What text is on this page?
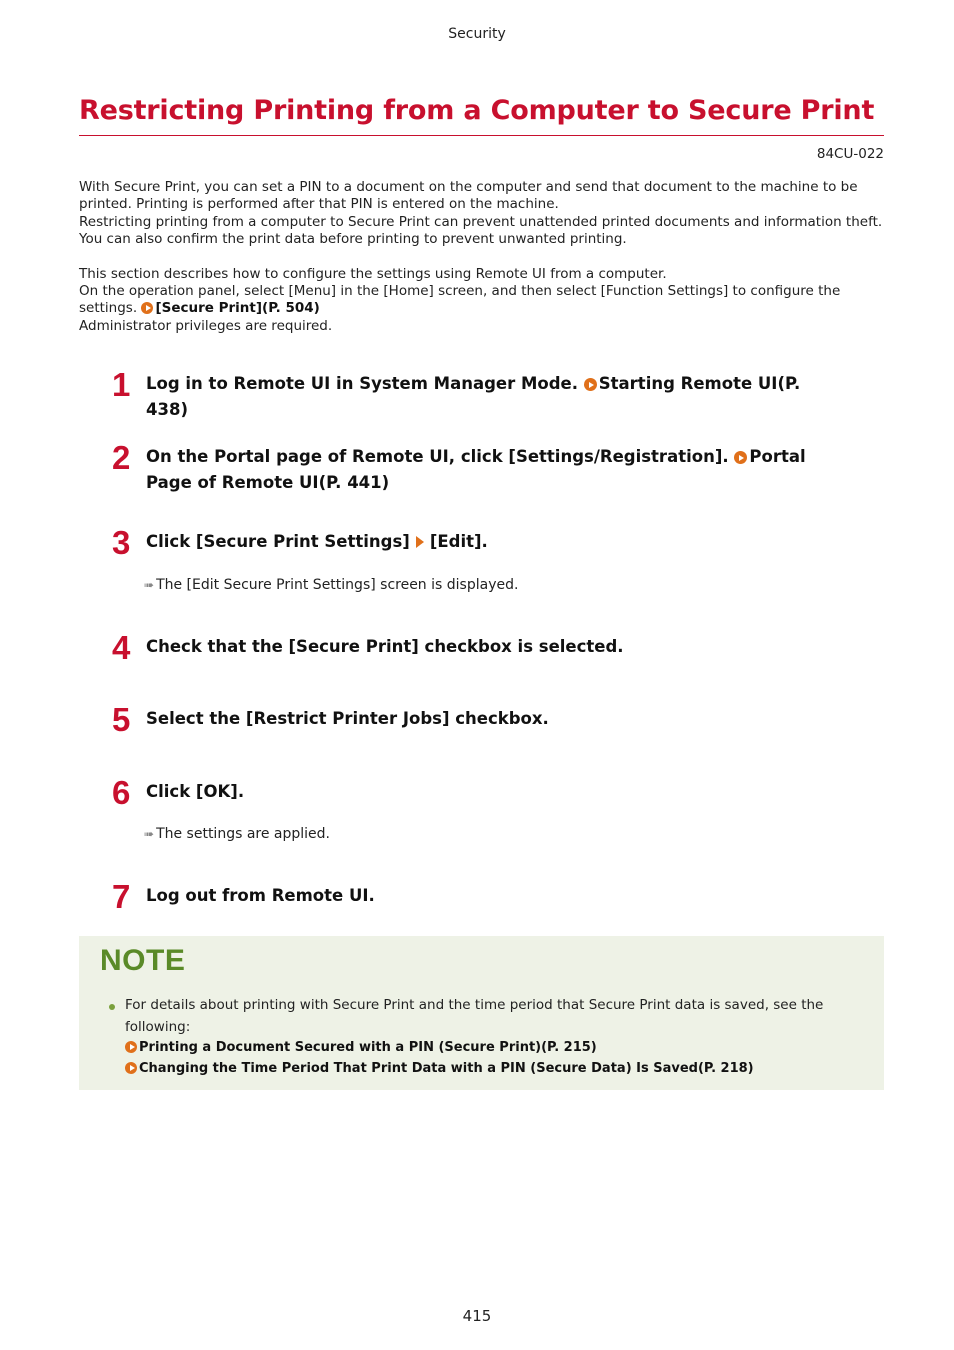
Security
Restricting Printing from a Computer to Secure Print
84CU-022

With Secure Print, you can set a PIN to a document on the computer and send that document to the machine to be printed. Printing is performed after that PIN is entered on the machine.

Restricting printing from a computer to Secure Print can prevent unattended printed documents and information theft. You can also confirm the print data before printing to prevent unwanted printing.

This section describes how to configure the settings using Remote UI from a computer.

On the operation panel, select [Menu] in the [Home] screen, and then select [Function Settings] to configure the settings. [Secure Print](P. 504)

Administrator privileges are required.

1 Log in to Remote UI in System Manager Mode. Starting Remote UI(P. 438)
2 On the Portal page of Remote UI, click [Settings/Registration]. Portal Page of Remote UI(P. 441)
3 Click [Secure Print Settings] [Edit].
➠ The [Edit Secure Print Settings] screen is displayed.
4 Check that the [Secure Print] checkbox is selected.
5 Select the [Restrict Printer Jobs] checkbox.
6 Click [OK].
➠ The settings are applied.
7 Log out from Remote UI.
NOTE
For details about printing with Secure Print and the time period that Secure Print data is saved, see the following:
Printing a Document Secured with a PIN (Secure Print)(P. 215)
Changing the Time Period That Print Data with a PIN (Secure Data) Is Saved(P. 218)
415
